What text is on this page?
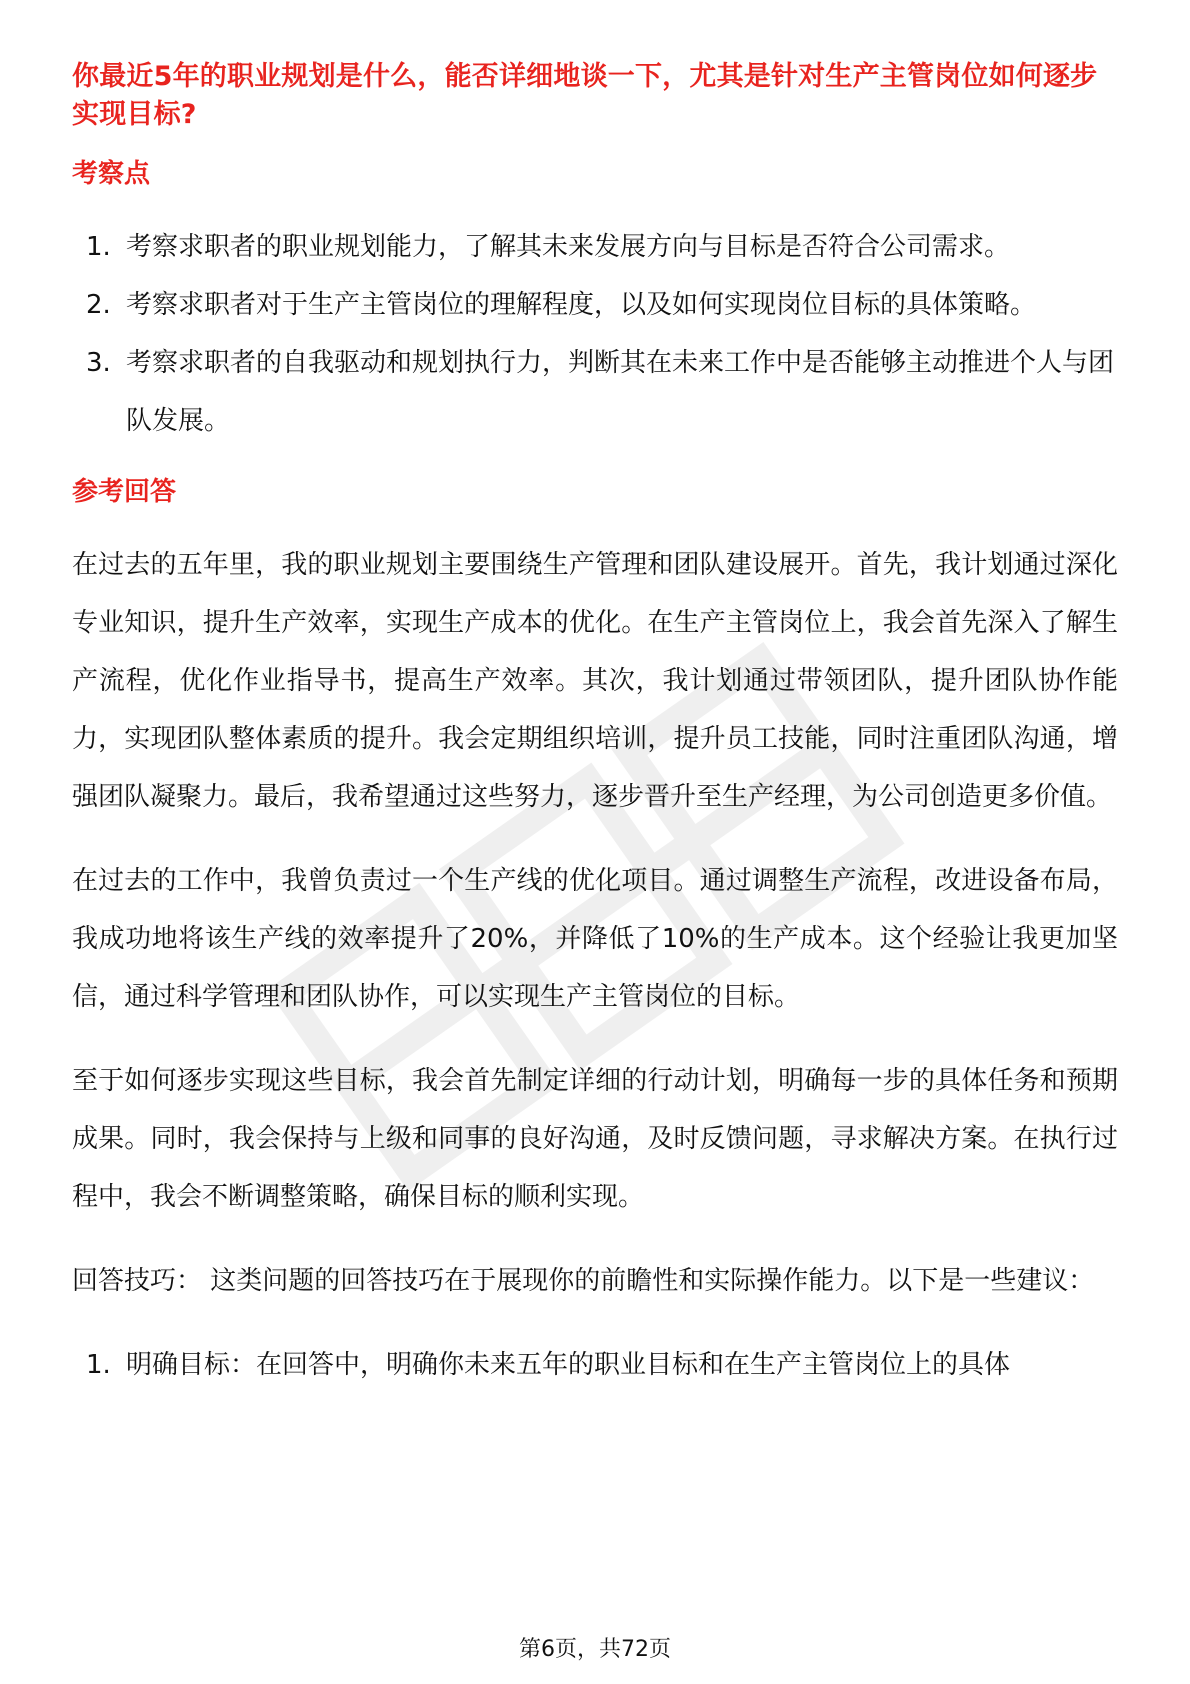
你最近5年的职业规划是什么，能否详细地谈一下，尤其是针对生产主管岗位如何逐步实现目标?
考察点
1. 考察求职者的职业规划能力，了解其未来发展方向与目标是否符合公司需求。
2. 考察求职者对于生产主管岗位的理解程度，以及如何实现岗位目标的具体策略。
3. 考察求职者的自我驱动和规划执行力，判断其在未来工作中是否能够主动推进个人与团队发展。
参考回答

在过去的五年里，我的职业规划主要围绕生产管理和团队建设展开。首先，我计划通过深化专业知识，提升生产效率，实现生产成本的优化。在生产主管岗位上，我会首先深入了解生产流程，优化作业指导书，提高生产效率。其次，我计划通过带领团队，提升团队协作能力，实现团队整体素质的提升。我会定期组织培训，提升员工技能，同时注重团队沟通，增强团队凝聚力。最后，我希望通过这些努力，逐步晋升至生产经理，为公司创造更多价值。

在过去的工作中，我曾负责过一个生产线的优化项目。通过调整生产流程，改进设备布局，我成功地将该生产线的效率提升了20%，并降低了10%的生产成本。这个经验让我更加坚信，通过科学管理和团队协作，可以实现生产主管岗位的目标。

至于如何逐步实现这些目标，我会首先制定详细的行动计划，明确每一步的具体任务和预期成果。同时，我会保持与上级和同事的良好沟通，及时反馈问题，寻求解决方案。在执行过程中，我会不断调整策略，确保目标的顺利实现。

回答技巧： 这类问题的回答技巧在于展现你的前瞻性和实际操作能力。以下是一些建议：

1. 明确目标：在回答中，明确你未来五年的职业目标和在生产主管岗位上的具体
第6页，共72页
